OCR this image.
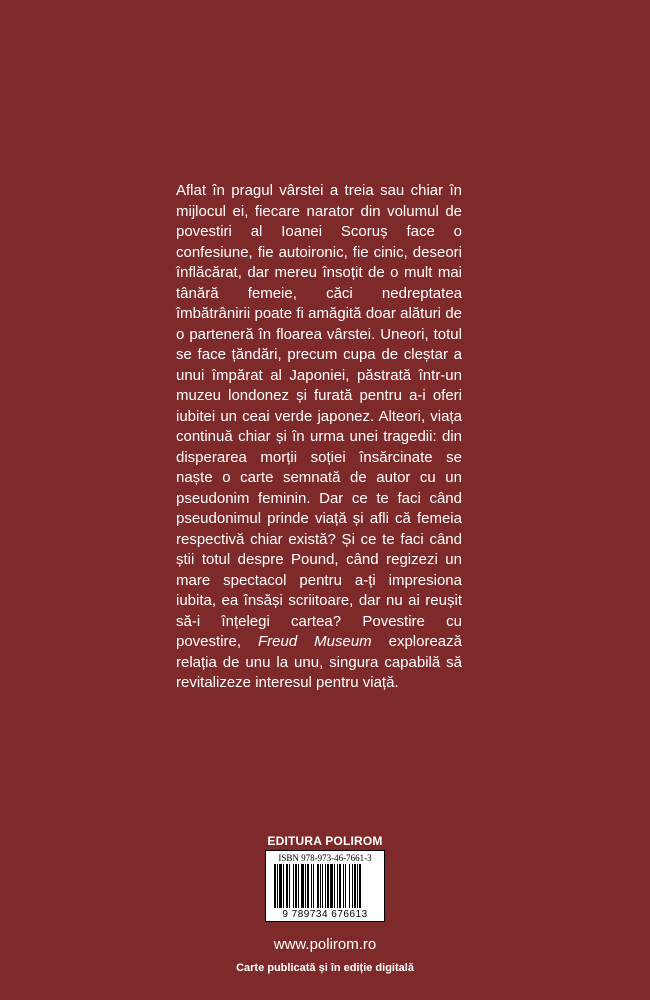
Aflat în pragul vârstei a treia sau chiar în mijlocul ei, fiecare narator din volumul de povestiri al Ioanei Scoruș face o confesiune, fie autoironic, fie cinic, deseori înflăcărat, dar mereu însoțit de o mult mai tânără femeie, căci nedreptatea îmbătrânirii poate fi amăgită doar alături de o parteneră în floarea vârstei. Uneori, totul se face țăndări, precum cupa de cleștar a unui împărat al Japoniei, păstrată într-un muzeu londonez și furată pentru a-i oferi iubitei un ceai verde japonez. Alteori, viața continuă chiar și în urma unei tragedii: din disperarea morții soției însărcinate se naște o carte semnată de autor cu un pseudonim feminin. Dar ce te faci când pseudonimul prinde viață și afli că femeia respectivă chiar există? Și ce te faci când știi totul despre Pound, când regizezi un mare spectacol pentru a-ți impresiona iubita, ea însăși scriitoare, dar nu ai reușit să-i înțelegi cartea? Povestire cu povestire, Freud Museum explorează relația de unu la unu, singura capabilă să revitalizeze interesul pentru viață.

EDITURA POLIROM
ISBN 978-973-46-7661-3
9 789734 676613
www.polirom.ro
Carte publicată și în ediție digitală
